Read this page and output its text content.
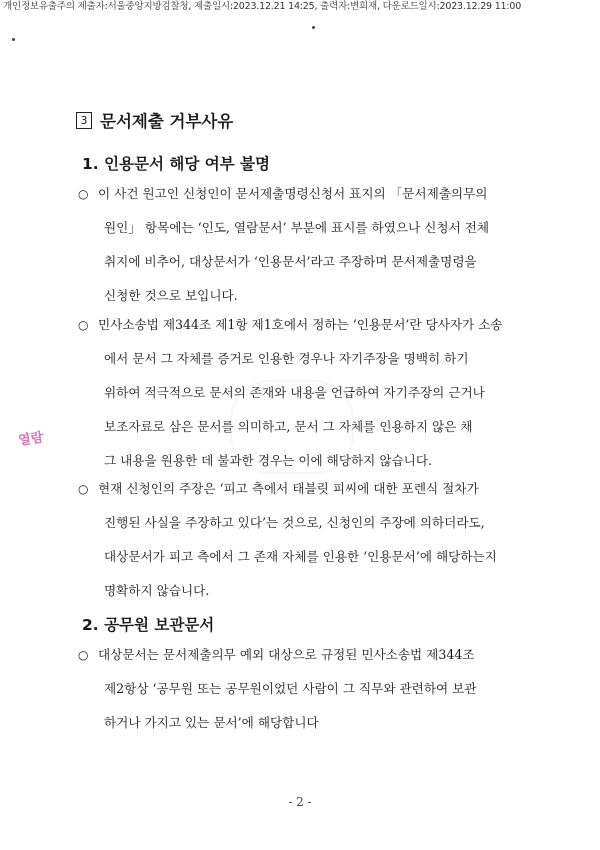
개인정보유출주의 제출자:서울중앙지방검찰청, 제출일시:2023.12.21 14:25, 출력자:변희재, 다운로드일시:2023.12.29 11:00
3 문서제출 거부사유
1. 인용문서 해당 여부 불명
○ 이 사건 원고인 신청인이 문서제출명령신청서 표지의 「문서제출의무의
원인」 항목에는 ‘인도, 열람문서’ 부분에 표시를 하였으나 신청서 전체
취지에 비추어, 대상문서가 ‘인용문서’라고 주장하며 문서제출명령을
신청한 것으로 보입니다.
○ 민사소송법 제344조 제1항 제1호에서 정하는 ‘인용문서’란 당사자가 소송
에서 문서 그 자체를 증거로 인용한 경우나 자기주장을 명백히 하기
위하여 적극적으로 문서의 존재와 내용을 언급하여 자기주장의 근거나
보조자료로 삼은 문서를 의미하고, 문서 그 자체를 인용하지 않은 채
그 내용을 원용한 데 불과한 경우는 이에 해당하지 않습니다.
○ 현재 신청인의 주장은 ‘피고 측에서 태블릿 피씨에 대한 포렌식 절차가
진행된 사실을 주장하고 있다’는 것으로, 신청인의 주장에 의하더라도,
대상문서가 피고 측에서 그 존재 자체를 인용한 ‘인용문서’에 해당하는지
명확하지 않습니다.
2. 공무원 보관문서
○ 대상문서는 문서제출의무 예외 대상으로 규정된 민사소송법 제344조
제2항상 ‘공무원 또는 공무원이었던 사람이 그 직무와 관련하여 보관
하거나 가지고 있는 문서’에 해당합니다
열람
- 2 -
